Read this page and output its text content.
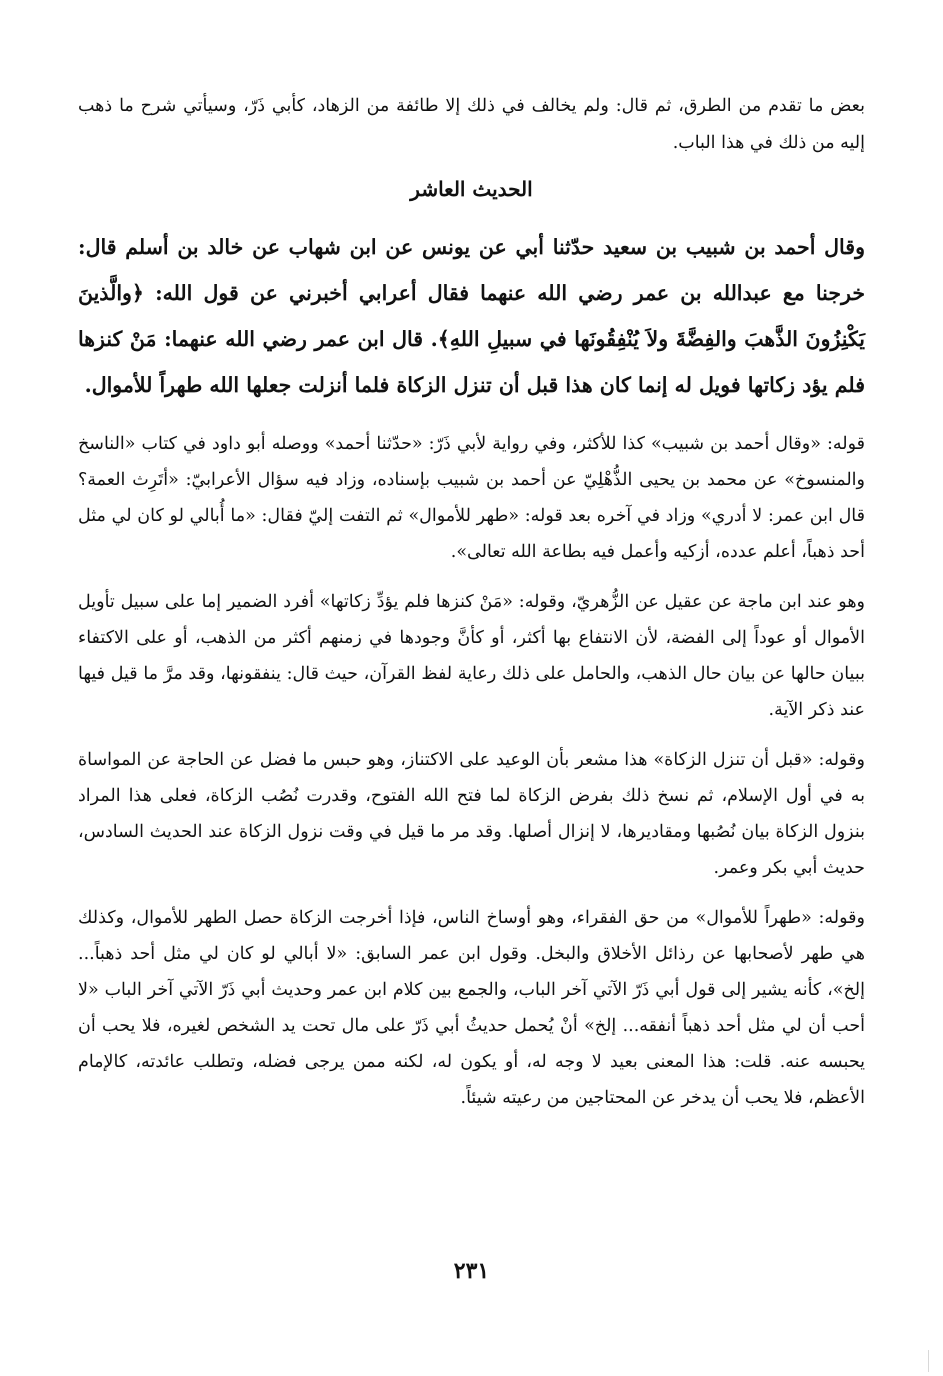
بعض ما تقدم من الطرق، ثم قال: ولم يخالف في ذلك إلا طائفة من الزهاد، كأبي ذَرّ، وسيأتي شرح ما ذهب إليه من ذلك في هذا الباب.

الحديث العاشر

وقال أحمد بن شبيب بن سعيد حدّثنا أبي عن يونس عن ابن شهاب عن خالد بن أسلم قال: خرجنا مع عبدالله بن عمر رضي الله عنهما فقال أعرابي أخبرني عن قول الله: ﴿والَّذينَ يَكْنِزُونَ الذَّهبَ والفِضَّةَ ولاَ يُنْفِقُونَها في سبيلِ اللهِ﴾. قال ابن عمر رضي الله عنهما: مَنْ كنزها فلم يؤد زكاتها فويل له إنما كان هذا قبل أن تنزل الزكاة فلما أنزلت جعلها الله طهراً للأموال.

قوله: «وقال أحمد بن شبيب» كذا للأكثر، وفي رواية لأبي ذَرّ: «حدّثنا أحمد» ووصله أبو داود في كتاب «الناسخ والمنسوخ» عن محمد بن يحيى الذُّهْلِيّ عن أحمد بن شبيب بإسناده، وزاد فيه سؤال الأعرابيّ: «أتَرِث العمة؟ قال ابن عمر: لا أدري» وزاد في آخره بعد قوله: «طهر للأموال» ثم التفت إليّ فقال: «ما أُبالي لو كان لي مثل أحد ذهباً، أعلم عدده، أزكيه وأعمل فيه بطاعة الله تعالى».

وهو عند ابن ماجة عن عقيل عن الزُّهريّ، وقوله: «مَنْ كنزها فلم يؤدِّ زكاتها» أفرد الضمير إما على سبيل تأويل الأموال أو عوداً إلى الفضة، لأن الانتفاع بها أكثر، أو كأنَّ وجودها في زمنهم أكثر من الذهب، أو على الاكتفاء ببيان حالها عن بيان حال الذهب، والحامل على ذلك رعاية لفظ القرآن، حيث قال: ينفقونها، وقد مرَّ ما قيل فيها عند ذكر الآية.

وقوله: «قبل أن تنزل الزكاة» هذا مشعر بأن الوعيد على الاكتناز، وهو حبس ما فضل عن الحاجة عن المواساة به في أول الإسلام، ثم نسخ ذلك بفرض الزكاة لما فتح الله الفتوح، وقدرت نُصُب الزكاة، فعلى هذا المراد بنزول الزكاة بيان نُصُبها ومقاديرها، لا إنزال أصلها. وقد مر ما قيل في وقت نزول الزكاة عند الحديث السادس، حديث أبي بكر وعمر.

وقوله: «طهراً للأموال» من حق الفقراء، وهو أوساخ الناس، فإذا أخرجت الزكاة حصل الطهر للأموال، وكذلك هي طهر لأصحابها عن رذائل الأخلاق والبخل. وقول ابن عمر السابق: «لا أبالي لو كان لي مثل أحد ذهباً... إلخ»، كأنه يشير إلى قول أبي ذَرّ الآتي آخر الباب، والجمع بين كلام ابن عمر وحديث أبي ذَرّ الآتي آخر الباب «لا أحب أن لي مثل أحد ذهباً أنفقه... إلخ» أنْ يُحمل حديثُ أبي ذَرّ على مال تحت يد الشخص لغيره، فلا يحب أن يحبسه عنه. قلت: هذا المعنى بعيد لا وجه له، أو يكون له، لكنه ممن يرجى فضله، وتطلب عائدته، كالإمام الأعظم، فلا يحب أن يدخر عن المحتاجين من رعيته شيئاً.

٢٣١
